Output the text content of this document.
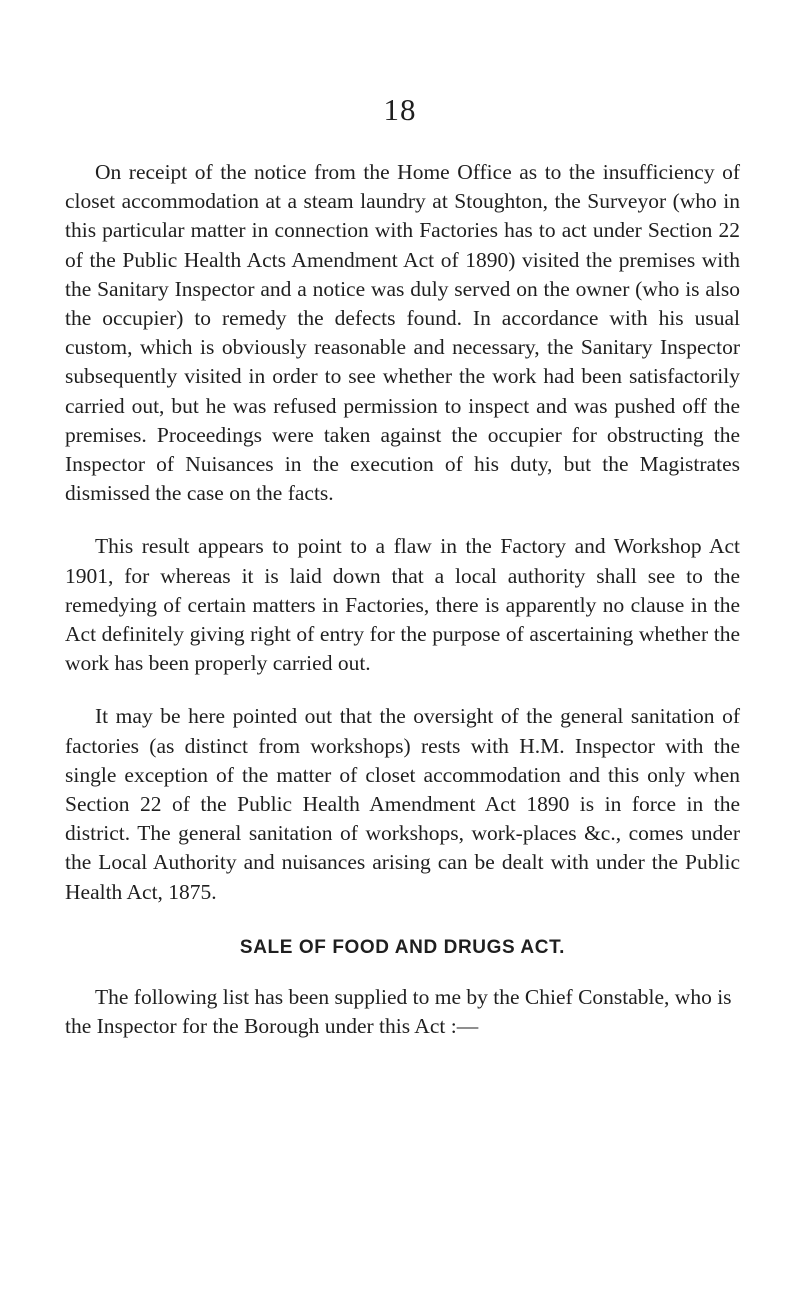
18

On receipt of the notice from the Home Office as to the insufficiency of closet accommodation at a steam laundry at Stoughton, the Surveyor (who in this particular matter in connection with Factories has to act under Section 22 of the Public Health Acts Amendment Act of 1890) visited the premises with the Sanitary Inspector and a notice was duly served on the owner (who is also the occupier) to remedy the defects found. In accordance with his usual custom, which is obviously reasonable and necessary, the Sanitary Inspector subsequently visited in order to see whether the work had been satisfactorily carried out, but he was refused permission to inspect and was pushed off the premises. Proceedings were taken against the occupier for obstructing the Inspector of Nuisances in the execution of his duty, but the Magistrates dismissed the case on the facts.

This result appears to point to a flaw in the Factory and Workshop Act 1901, for whereas it is laid down that a local authority shall see to the remedying of certain matters in Factories, there is apparently no clause in the Act definitely giving right of entry for the purpose of ascertaining whether the work has been properly carried out.

It may be here pointed out that the oversight of the general sanitation of factories (as distinct from workshops) rests with H.M. Inspector with the single exception of the matter of closet accommodation and this only when Section 22 of the Public Health Amendment Act 1890 is in force in the district. The general sanitation of workshops, work-places &c., comes under the Local Authority and nuisances arising can be dealt with under the Public Health Act, 1875.

SALE OF FOOD AND DRUGS ACT.

The following list has been supplied to me by the Chief Constable, who is the Inspector for the Borough under this Act :—
